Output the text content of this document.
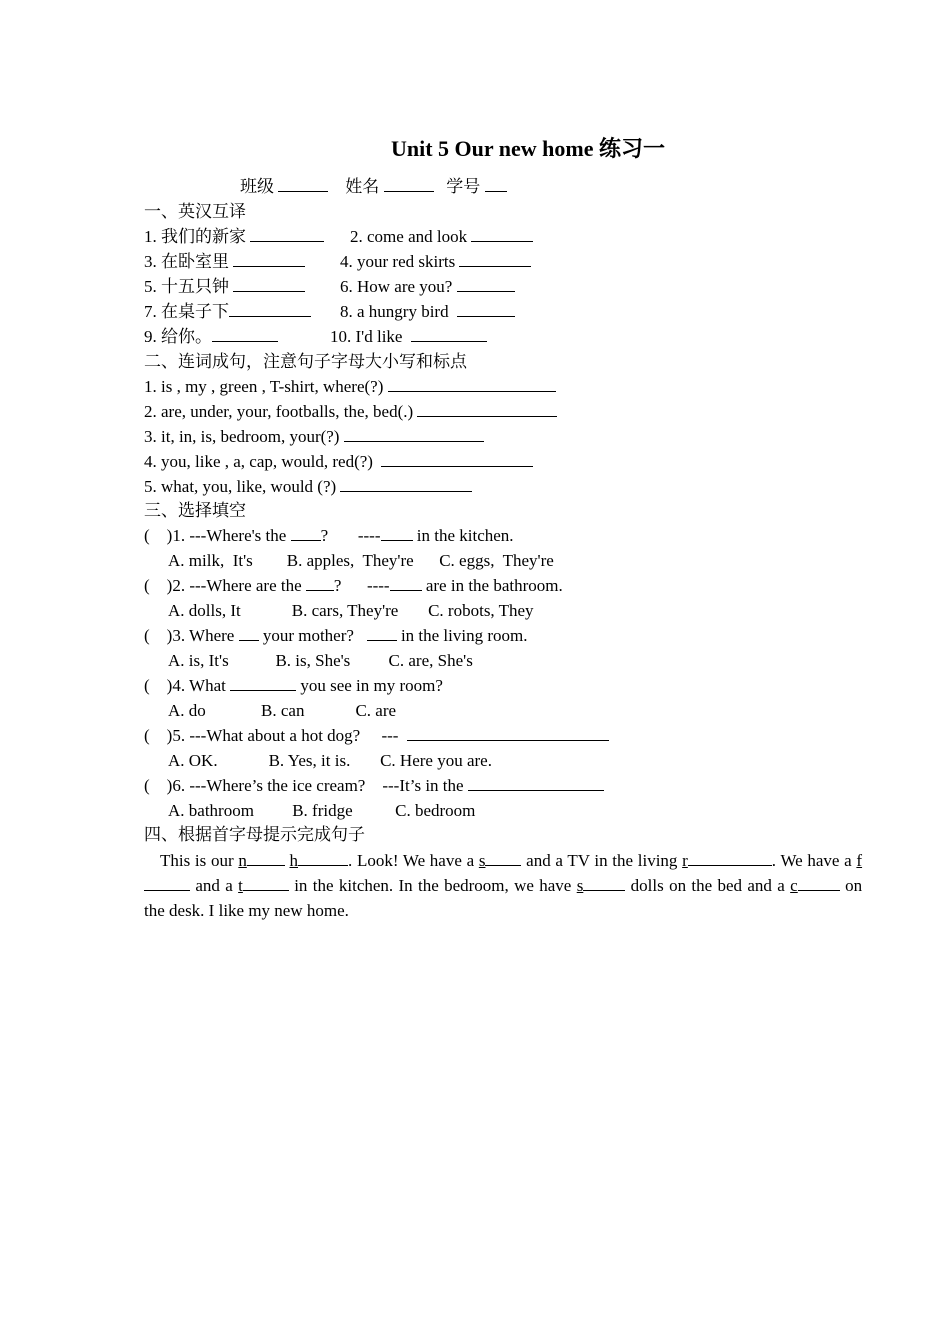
Unit 5 Our new home 练习一
班级	姓名	学号
一、英汉互译
1. 我们的新家	2. come and look
3. 在卧室里	4. your red skirts
5. 十五只钟	6. How are you?
7. 在桌子下	8. a hungry bird
9. 给你。	10. I'd like
二、连词成句，注意句子字母大小写和标点
1. is , my , green , T-shirt, where(?)
2. are, under, your, footballs, the, bed(.)
3. it, in, is, bedroom, your(?)
4. you, like , a, cap, would, red(?)
5. what, you, like, would (?)
三、选择填空
( )1. ---Where's the ? ---- in the kitchen.
A. milk,  It's B. apples,  They're C. eggs,  They're
( )2. ---Where are the ? ---- are in the bathroom.
A. dolls, It	B. cars, They're C. robots, They
( )3. Where your mother?	in the living room.
A. is, It's	B. is, She's C. are, She's
( )4. What	you see in my room?
A. do	B. can	C. are
( )5. ---What about a hot dog? ---
A. OK.	B. Yes, it is. C. Here you are.
( )6. ---Where’s the ice cream? ---It’s in the
A. bathroom B. fridge	C. bedroom
四、根据首字母提示完成句子
This is our n	h	. Look! We have a s and a TV in the living r	. We have a f and a t	in the kitchen. In the bedroom, we have s	dolls on the bed and a c	on the desk. I like my new home.
